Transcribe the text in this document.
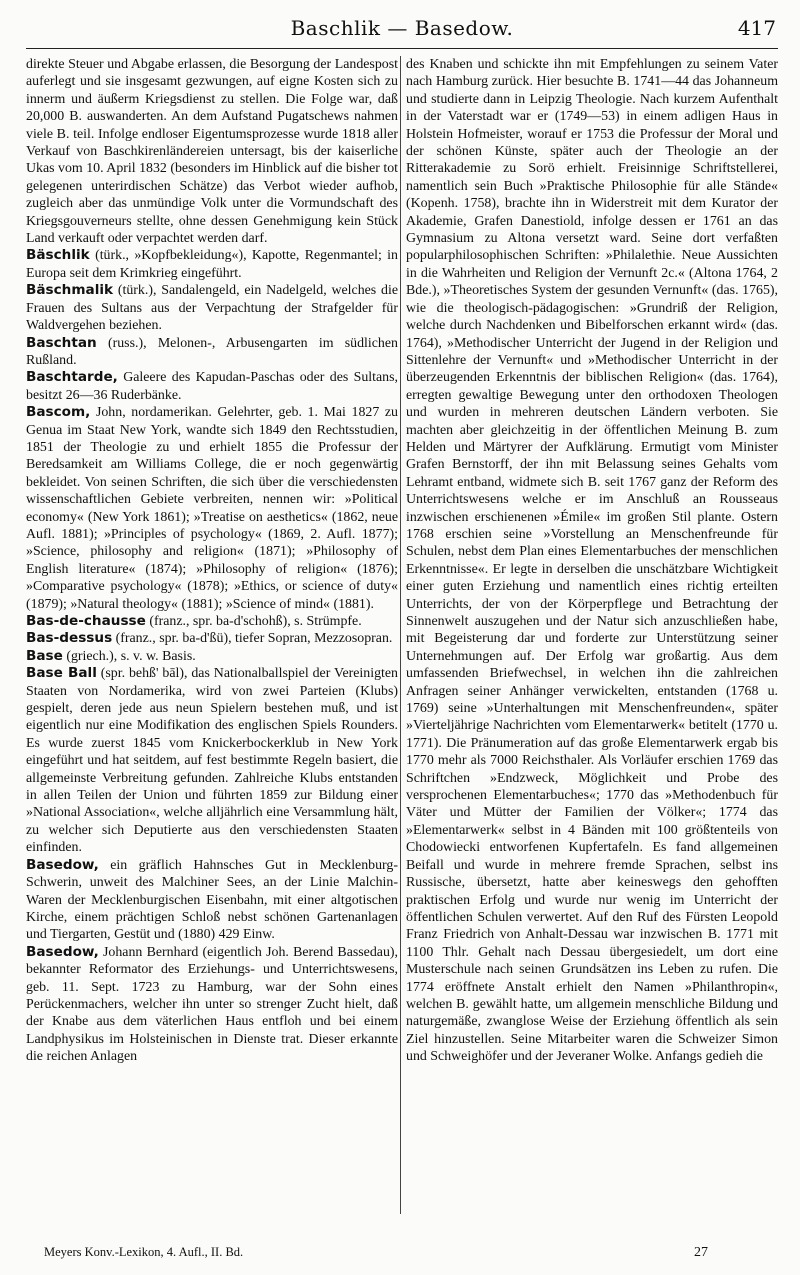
Baschlik — Basedow.	417

direkte Steuer und Abgabe erlassen, die Besorgung der Landespost auferlegt und sie insgesamt gezwungen, auf eigne Kosten sich zu innerm und äußerm Kriegsdienst zu stellen. Die Folge war, daß 20,000 B. auswanderten. An dem Aufstand Pugatschews nahmen viele B. teil. Infolge endloser Eigentumsprozesse wurde 1818 aller Verkauf von Baschkirenländereien untersagt, bis der kaiserliche Ukas vom 10. April 1832 (besonders im Hinblick auf die bisher tot gelegenen unterirdischen Schätze) das Verbot wieder aufhob, zugleich aber das unmündige Volk unter die Vormundschaft des Kriegsgouverneurs stellte, ohne dessen Genehmigung kein Stück Land verkauft oder verpachtet werden darf.

Bäschlik (türk., »Kopfbekleidung«), Kapotte, Regenmantel; in Europa seit dem Krimkrieg eingeführt.

Bäschmalik (türk.), Sandalengeld, ein Nadelgeld, welches die Frauen des Sultans aus der Verpachtung der Strafgelder für Waldvergehen beziehen.

Baschtan (russ.), Melonen-, Arbusengarten im südlichen Rußland.

Baschtarde, Galeere des Kapudan-Paschas oder des Sultans, besitzt 26—36 Ruderbänke.

Bascom, John, nordamerikan. Gelehrter, geb. 1. Mai 1827 zu Genua im Staat New York, wandte sich 1849 den Rechtsstudien, 1851 der Theologie zu und erhielt 1855 die Professur der Beredsamkeit am Williams College, die er noch gegenwärtig bekleidet. Von seinen Schriften, die sich über die verschiedensten wissenschaftlichen Gebiete verbreiten, nennen wir: »Political economy« (New York 1861); »Treatise on aesthetics« (1862, neue Aufl. 1881); »Principles of psychology« (1869, 2. Aufl. 1877); »Science, philosophy and religion« (1871); »Philosophy of English literature« (1874); »Philosophy of religion« (1876); »Comparative psychology« (1878); »Ethics, or science of duty« (1879); »Natural theology« (1881); »Science of mind« (1881).

Bas-de-chausse (franz., spr. ba-d'schohß), s. Strümpfe.

Bas-dessus (franz., spr. ba-d'ßü), tiefer Sopran, Mezzosopran.

Base (griech.), s. v. w. Basis.

Base Ball (spr. behß' bāl), das Nationalballspiel der Vereinigten Staaten von Nordamerika, wird von zwei Parteien (Klubs) gespielt, deren jede aus neun Spielern bestehen muß, und ist eigentlich nur eine Modifikation des englischen Spiels Rounders. Es wurde zuerst 1845 vom Knickerbockerklub in New York eingeführt und hat seitdem, auf fest bestimmte Regeln basiert, die allgemeinste Verbreitung gefunden. Zahlreiche Klubs entstanden in allen Teilen der Union und führten 1859 zur Bildung einer »National Association«, welche alljährlich eine Versammlung hält, zu welcher sich Deputierte aus den verschiedensten Staaten einfinden.

Basedow, ein gräflich Hahnsches Gut in Mecklenburg-Schwerin, unweit des Malchiner Sees, an der Linie Malchin-Waren der Mecklenburgischen Eisenbahn, mit einer altgotischen Kirche, einem prächtigen Schloß nebst schönen Gartenanlagen und Tiergarten, Gestüt und (1880) 429 Einw.

Basedow, Johann Bernhard (eigentlich Joh. Berend Bassedau), bekannter Reformator des Erziehungs- und Unterrichtswesens, geb. 11. Sept. 1723 zu Hamburg, war der Sohn eines Perückenmachers, welcher ihn unter so strenger Zucht hielt, daß der Knabe aus dem väterlichen Haus entfloh und bei einem Landphysikus im Holsteinischen in Dienste trat. Dieser erkannte die reichen Anlagen

des Knaben und schickte ihn mit Empfehlungen zu seinem Vater nach Hamburg zurück. Hier besuchte B. 1741—44 das Johanneum und studierte dann in Leipzig Theologie. Nach kurzem Aufenthalt in der Vaterstadt war er (1749—53) in einem adligen Haus in Holstein Hofmeister, worauf er 1753 die Professur der Moral und der schönen Künste, später auch der Theologie an der Ritterakademie zu Sorö erhielt. Freisinnige Schriftstellerei, namentlich sein Buch »Praktische Philosophie für alle Stände« (Kopenh. 1758), brachte ihn in Widerstreit mit dem Kurator der Akademie, Grafen Danestiold, infolge dessen er 1761 an das Gymnasium zu Altona versetzt ward. Seine dort verfaßten popularphilosophischen Schriften: »Philalethie. Neue Aussichten in die Wahrheiten und Religion der Vernunft 2c.« (Altona 1764, 2 Bde.), »Theoretisches System der gesunden Vernunft« (das. 1765), wie die theologisch-pädagogischen: »Grundriß der Religion, welche durch Nachdenken und Bibelforschen erkannt wird« (das. 1764), »Methodischer Unterricht der Jugend in der Religion und Sittenlehre der Vernunft« und »Methodischer Unterricht in der überzeugenden Erkenntnis der biblischen Religion« (das. 1764), erregten gewaltige Bewegung unter den orthodoxen Theologen und wurden in mehreren deutschen Ländern verboten. Sie machten aber gleichzeitig in der öffentlichen Meinung B. zum Helden und Märtyrer der Aufklärung. Ermutigt vom Minister Grafen Bernstorff, der ihn mit Belassung seines Gehalts vom Lehramt entband, widmete sich B. seit 1767 ganz der Reform des Unterrichtswesens welche er im Anschluß an Rousseaus inzwischen erschienenen »Émile« im großen Stil plante. Ostern 1768 erschien seine »Vorstellung an Menschenfreunde für Schulen, nebst dem Plan eines Elementarbuches der menschlichen Erkenntnisse«. Er legte in derselben die unschätzbare Wichtigkeit einer guten Erziehung und namentlich eines richtig erteilten Unterrichts, der von der Körperpflege und Betrachtung der Sinnenwelt auszugehen und der Natur sich anzuschließen habe, mit Begeisterung dar und forderte zur Unterstützung seiner Unternehmungen auf. Der Erfolg war großartig. Aus dem umfassenden Briefwechsel, in welchen ihn die zahlreichen Anfragen seiner Anhänger verwickelten, entstanden (1768 u. 1769) seine »Unterhaltungen mit Menschenfreunden«, später »Vierteljährige Nachrichten vom Elementarwerk« betitelt (1770 u. 1771). Die Pränumeration auf das große Elementarwerk ergab bis 1770 mehr als 7000 Reichsthaler. Als Vorläufer erschien 1769 das Schriftchen »Endzweck, Möglichkeit und Probe des versprochenen Elementarbuches«; 1770 das »Methodenbuch für Väter und Mütter der Familien der Völker«; 1774 das »Elementarwerk« selbst in 4 Bänden mit 100 größtenteils von Chodowiecki entworfenen Kupfertafeln. Es fand allgemeinen Beifall und wurde in mehrere fremde Sprachen, selbst ins Russische, übersetzt, hatte aber keineswegs den gehofften praktischen Erfolg und wurde nur wenig im Unterricht der öffentlichen Schulen verwertet. Auf den Ruf des Fürsten Leopold Franz Friedrich von Anhalt-Dessau war inzwischen B. 1771 mit 1100 Thlr. Gehalt nach Dessau übergesiedelt, um dort eine Musterschule nach seinen Grundsätzen ins Leben zu rufen. Die 1774 eröffnete Anstalt erhielt den Namen »Philanthropin«, welchen B. gewählt hatte, um allgemein menschliche Bildung und naturgemäße, zwanglose Weise der Erziehung öffentlich als sein Ziel hinzustellen. Seine Mitarbeiter waren die Schweizer Simon und Schweighöfer und der Jeveraner Wolke. Anfangs gedieh die

Meyers Konv.-Lexikon, 4. Aufl., II. Bd.	27
